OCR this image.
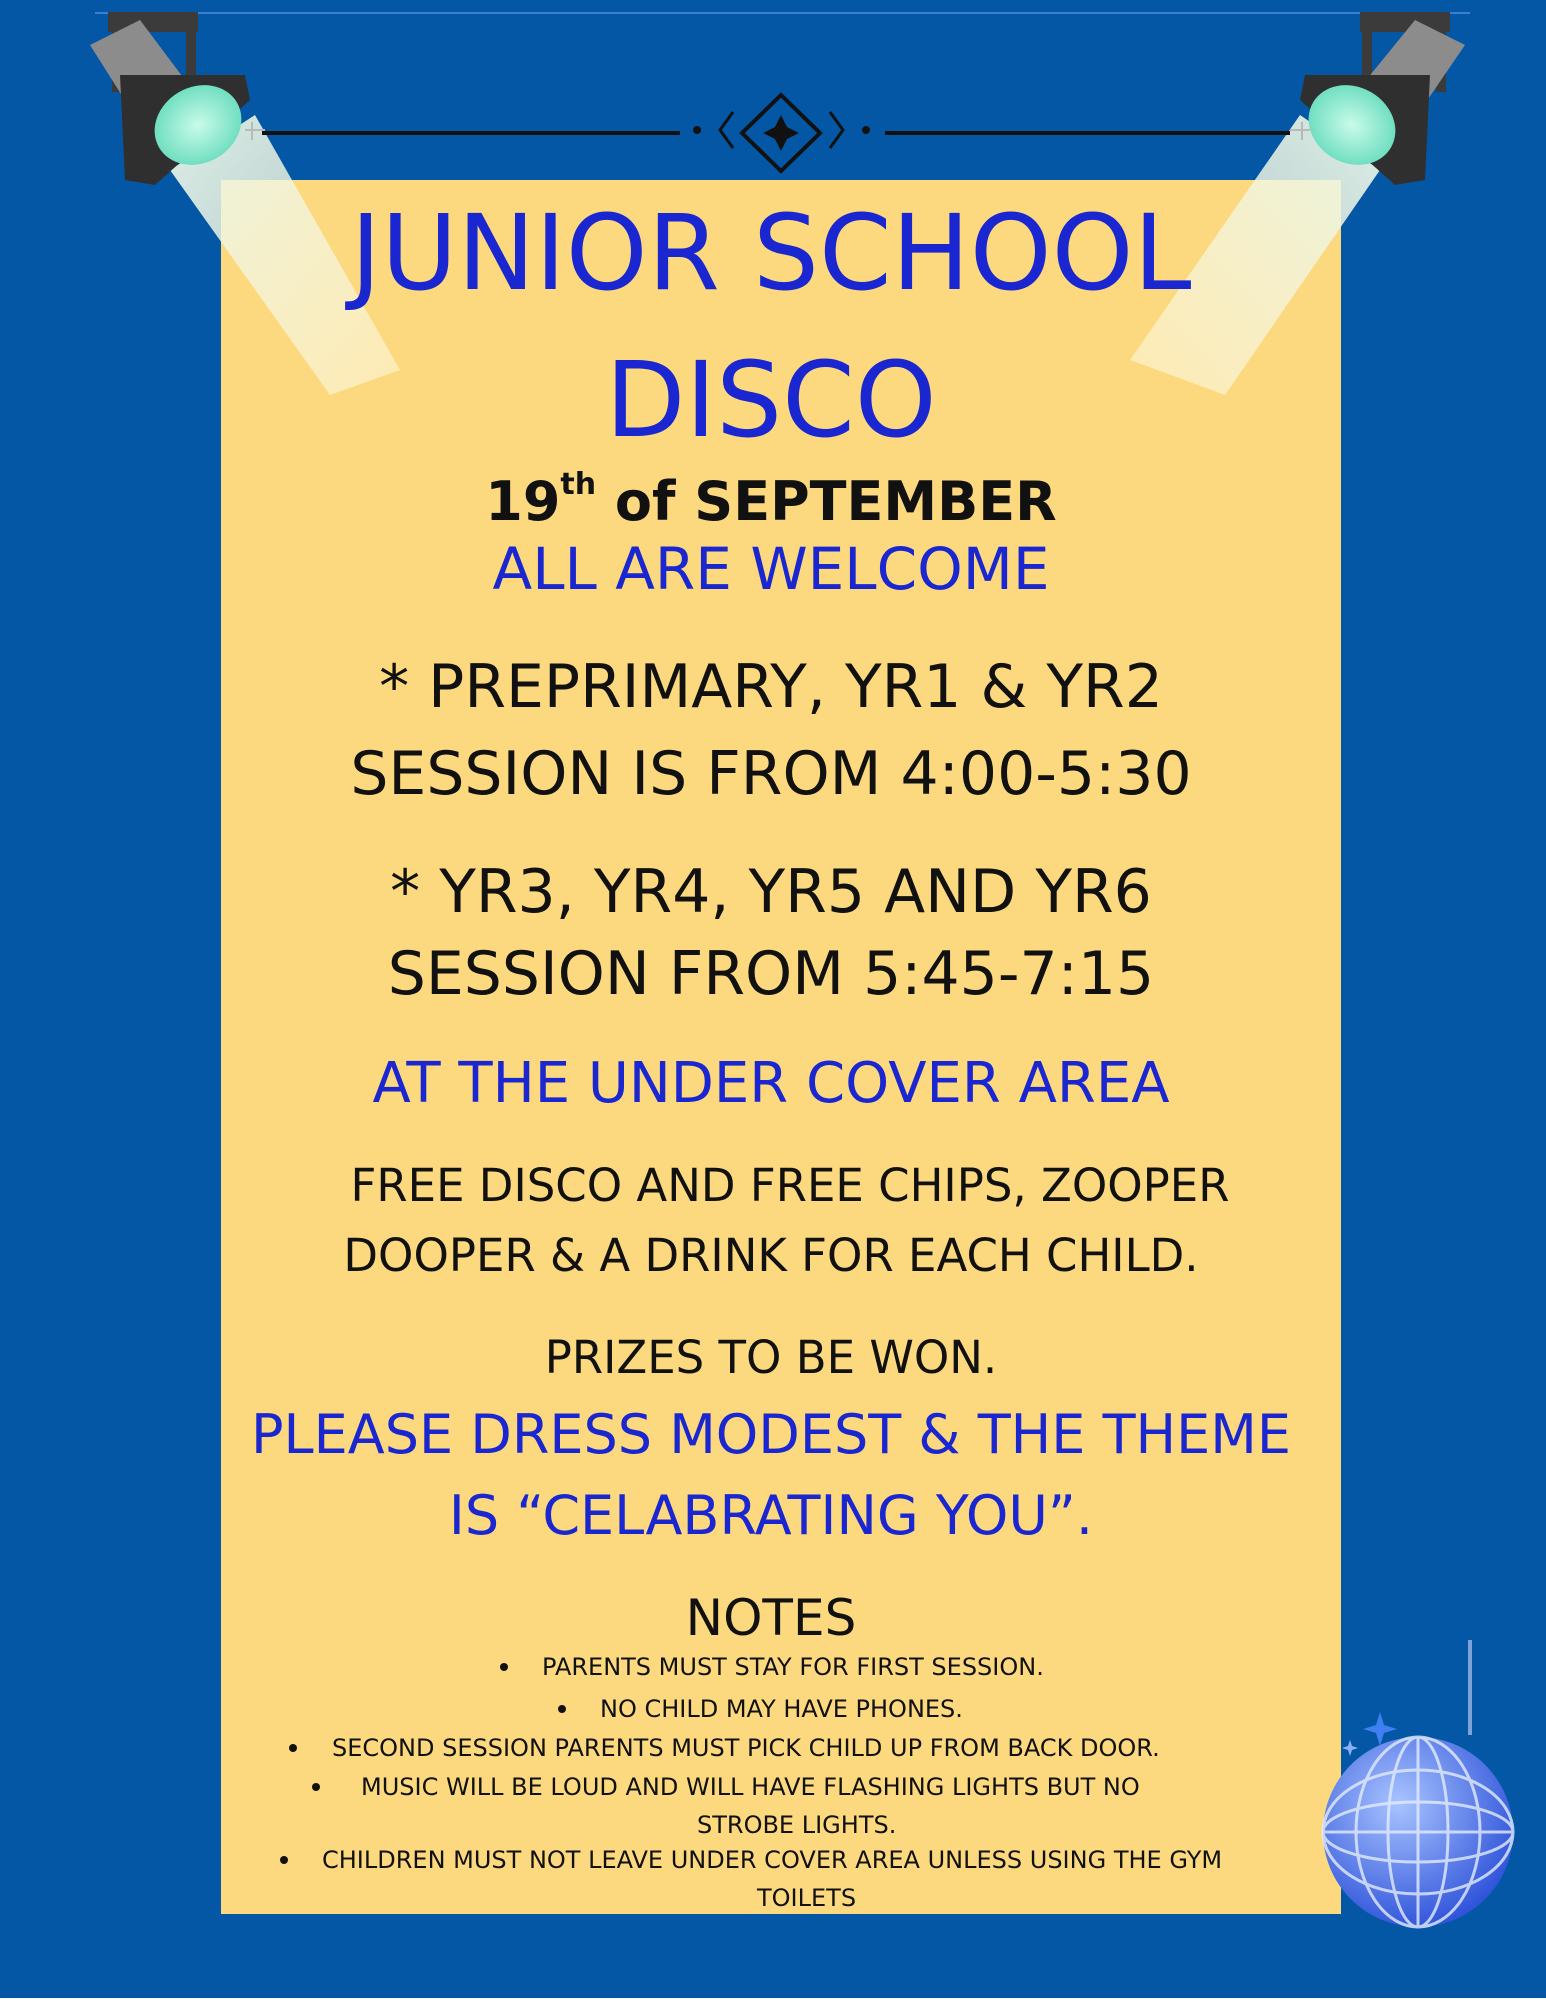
JUNIOR SCHOOL
DISCO

19th of SEPTEMBER

ALL ARE WELCOME

* PREPRIMARY, YR1 & YR2

SESSION IS FROM 4:00-5:30

* YR3, YR4, YR5 AND YR6

SESSION FROM 5:45-7:15

AT THE UNDER COVER AREA

FREE DISCO AND FREE CHIPS, ZOOPER

DOOPER & A DRINK FOR EACH CHILD.

PRIZES TO BE WON.

PLEASE DRESS MODEST & THE THEME

IS “CELABRATING YOU”.

NOTES

PARENTS MUST STAY FOR FIRST SESSION.

NO CHILD MAY HAVE PHONES.

SECOND SESSION PARENTS MUST PICK CHILD UP FROM BACK DOOR.

MUSIC WILL BE LOUD AND WILL HAVE FLASHING LIGHTS BUT NO

STROBE LIGHTS.

CHILDREN MUST NOT LEAVE UNDER COVER AREA UNLESS USING THE GYM

TOILETS
